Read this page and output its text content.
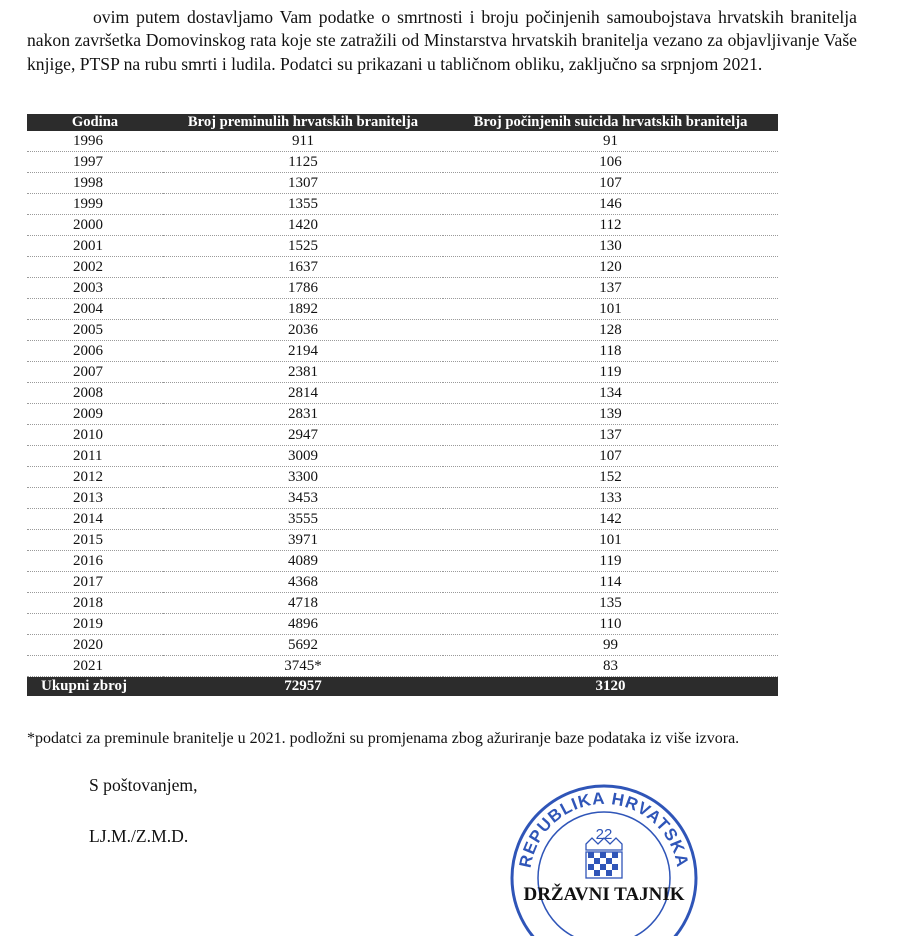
ovim putem dostavljamo Vam podatke o smrtnosti i broju počinjenih samoubojstava hrvatskih branitelja nakon završetka Domovinskog rata koje ste zatražili od Minstarstva hrvatskih branitelja vezano za objavljivanje Vaše knjige, PTSP na rubu smrti i ludila. Podatci su prikazani u tabličnom obliku, zaključno sa srpnjom 2021.

Godina	Broj preminulih hrvatskih branitelja	Broj počinjenih suicida hrvatskih branitelja
1996	911	91
1997	1125	106
1998	1307	107
1999	1355	146
2000	1420	112
2001	1525	130
2002	1637	120
2003	1786	137
2004	1892	101
2005	2036	128
2006	2194	118
2007	2381	119
2008	2814	134
2009	2831	139
2010	2947	137
2011	3009	107
2012	3300	152
2013	3453	133
2014	3555	142
2015	3971	101
2016	4089	119
2017	4368	114
2018	4718	135
2019	4896	110
2020	5692	99
2021	3745*	83
Ukupni zbroj	72957	3120

*podatci za preminule branitelje u 2021. podložni su promjenama zbog ažuriranje baze podataka iz više izvora.

S poštovanjem,

LJ.M./Z.M.D.

REPUBLIKA HRVATSKA
22
DRŽAVNI TAJNIK
